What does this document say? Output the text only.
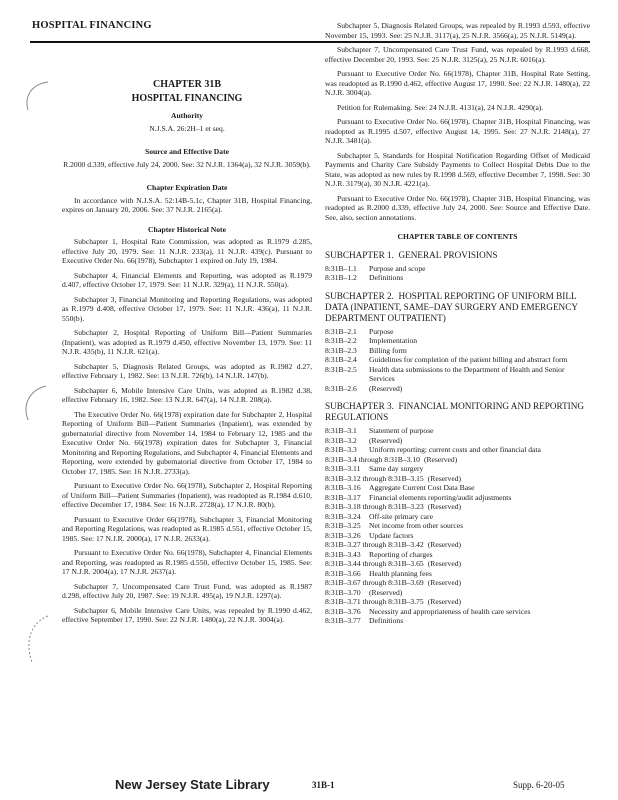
HOSPITAL FINANCING
CHAPTER 31B
HOSPITAL FINANCING
Authority
N.J.S.A. 26:2H–1 et seq.
Source and Effective Date
R.2000 d.339, effective July 24, 2000. See: 32 N.J.R. 1364(a), 32 N.J.R. 3059(b).
Chapter Expiration Date

In accordance with N.J.S.A. 52:14B-5.1c, Chapter 31B, Hospital Financing, expires on January 20, 2006. See: 37 N.J.R. 2165(a).

Chapter Historical Note

Subchapter 1, Hospital Rate Commission, was adopted as R.1979 d.285, effective July 20, 1979. See: 11 N.J.R. 233(a), 11 N.J.R. 439(c). Pursuant to Executive Order No. 66(1978), Subchapter 1 expired on July 19, 1984.

Subchapter 4, Financial Elements and Reporting, was adopted as R.1979 d.407, effective October 17, 1979. See: 11 N.J.R. 329(a), 11 N.J.R. 550(a).

Subchapter 3, Financial Monitoring and Reporting Regulations, was adopted as R.1979 d.408, effective October 17, 1979. See: 11 N.J.R. 436(a), 11 N.J.R. 550(b).

Subchapter 2, Hospital Reporting of Uniform Bill—Patient Summaries (Inpatient), was adopted as R.1979 d.450, effective November 13, 1979. See: 11 N.J.R. 435(b), 11 N.J.R. 621(a).

Subchapter 5, Diagnosis Related Groups, was adopted as R.1982 d.27, effective February 1, 1982. See: 13 N.J.R. 726(b), 14 N.J.R. 147(b).

Subchapter 6, Mobile Intensive Care Units, was adopted as R.1982 d.38, effective February 16, 1982. See: 13 N.J.R. 647(a), 14 N.J.R. 208(a).

The Executive Order No. 66(1978) expiration date for Subchapter 2, Hospital Reporting of Uniform Bill—Patient Summaries (Inpatient), was extended by gubernatorial directive from November 14, 1984 to February 12, 1985 and the Executive Order No. 66(1978) expiration dates for Subchapter 3, Financial Monitoring and Reporting Regulations, and Subchapter 4, Financial Elements and Reporting, were extended by gubernatorial directive from October 17, 1984 to October 17, 1985. See: 16 N.J.R. 2733(a).

Pursuant to Executive Order No. 66(1978), Subchapter 2, Hospital Reporting of Uniform Bill—Patient Summaries (Inpatient), was readopted as R.1984 d.610, effective December 17, 1984. See: 16 N.J.R. 2728(a), 17 N.J.R. 80(b).

Pursuant to Executive Order 66(1978), Subchapter 3, Financial Monitoring and Reporting Regulations, was readopted as R.1985 d.551, effective October 15, 1985. See: 17 N.J.R. 2000(a), 17 N.J.R. 2633(a).

Pursuant to Executive Order No. 66(1978), Subchapter 4, Financial Elements and Reporting, was readopted as R.1985 d.550, effective October 15, 1985. See: 17 N.J.R. 2004(a), 17 N.J.R. 2637(a).

Subchapter 7, Uncompensated Care Trust Fund, was adopted as R.1987 d.298, effective July 20, 1987. See: 19 N.J.R. 495(a), 19 N.J.R. 1297(a).

Subchapter 6, Mobile Intensive Care Units, was repealed by R.1990 d.462, effective September 17, 1990. See: 22 N.J.R. 1480(a), 22 N.J.R. 3004(a).

Subchapter 5, Diagnosis Related Groups, was repealed by R.1993 d.593, effective November 15, 1993. See: 25 N.J.R. 3117(a), 25 N.J.R. 3566(a), 25 N.J.R. 5149(a).

Subchapter 7, Uncompensated Care Trust Fund, was repealed by R.1993 d.668, effective December 20, 1993. See: 25 N.J.R. 3125(a), 25 N.J.R. 6016(a).

Pursuant to Executive Order No. 66(1978), Chapter 31B, Hospital Rate Setting, was readopted as R.1990 d.462, effective August 17, 1990. See: 22 N.J.R. 1480(a), 22 N.J.R. 3004(a).

Petition for Rulemaking. See: 24 N.J.R. 4131(a), 24 N.J.R. 4290(a).

Pursuant to Executive Order No. 66(1978), Chapter 31B, Hospital Financing, was readopted as R.1995 d.507, effective August 14, 1995. See: 27 N.J.R. 2148(a), 27 N.J.R. 3481(a).

Subchapter 5, Standards for Hospital Notification Regarding Offset of Medicaid Payments and Charity Care Subsidy Payments to Collect Hospital Debts Due to the State, was adopted as new rules by R.1998 d.569, effective December 7, 1998. See: 30 N.J.R. 3179(a), 30 N.J.R. 4221(a).

Pursuant to Executive Order No. 66(1978), Chapter 31B, Hospital Financing, was readopted as R.2000 d.339, effective July 24, 2000. See: Source and Effective Date. See, also, section annotations.

CHAPTER TABLE OF CONTENTS
SUBCHAPTER 1.  GENERAL PROVISIONS
8:31B–1.1	Purpose and scope
8:31B–1.2	Definitions
SUBCHAPTER 2.  HOSPITAL REPORTING OF UNIFORM BILL DATA (INPATIENT, SAME–DAY SURGERY AND EMERGENCY DEPARTMENT OUTPATIENT)
8:31B–2.1	Purpose
8:31B–2.2	Implementation
8:31B–2.3	Billing form
8:31B–2.4	Guidelines for completion of the patient billing and abstract form
8:31B–2.5	Health data submissions to the Department of Health and Senior Services
8:31B–2.6	(Reserved)
SUBCHAPTER 3.  FINANCIAL MONITORING AND REPORTING REGULATIONS
8:31B–3.1	Statement of purpose
8:31B–3.2	(Reserved)
8:31B–3.3	Uniform reporting: current costs and other financial data
8:31B–3.4 through 8:31B–3.10 (Reserved)
8:31B–3.11	Same day surgery
8:31B–3.12 through 8:31B–3.15 (Reserved)
8:31B–3.16	Aggregate Current Cost Data Base
8:31B–3.17	Financial elements reporting/audit adjustments
8:31B–3.18 through 8:31B–3.23 (Reserved)
8:31B–3.24	Off-site primary care
8:31B–3.25	Net income from other sources
8:31B–3.26	Update factors
8:31B–3.27 through 8:31B–3.42 (Reserved)
8:31B–3.43	Reporting of charges
8:31B–3.44 through 8:31B–3.65 (Reserved)
8:31B–3.66	Health planning fees
8:31B–3.67 through 8:31B–3.69 (Reserved)
8:31B–3.70	(Reserved)
8:31B–3.71 through 8:31B–3.75 (Reserved)
8:31B–3.76	Necessity and appropriateness of health care services
8:31B–3.77	Definitions
New Jersey State Library	31B-1	Supp. 6-20-05
